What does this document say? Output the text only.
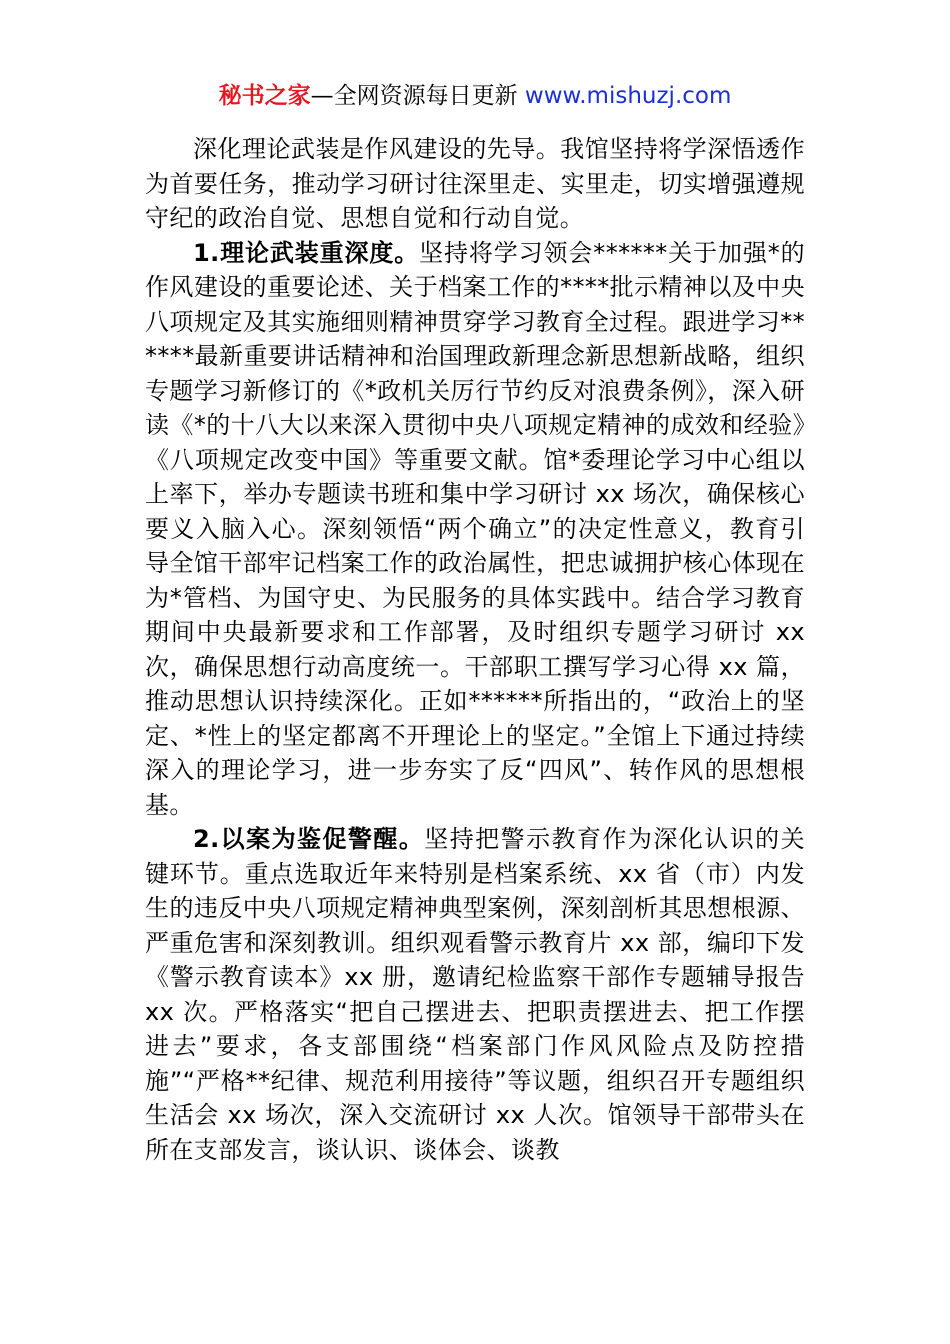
秘书之家—全网资源每日更新 www.mishuzj.com

深化理论武装是作风建设的先导。我馆坚持将学深悟透作为首要任务，推动学习研讨往深里走、实里走，切实增强遵规守纪的政治自觉、思想自觉和行动自觉。

1.理论武装重深度。坚持将学习领会******关于加强*的作风建设的重要论述、关于档案工作的****批示精神以及中央八项规定及其实施细则精神贯穿学习教育全过程。跟进学习******最新重要讲话精神和治国理政新理念新思想新战略，组织专题学习新修订的《*政机关厉行节约反对浪费条例》，深入研读《*的十八大以来深入贯彻中央八项规定精神的成效和经验》《八项规定改变中国》等重要文献。馆*委理论学习中心组以上率下，举办专题读书班和集中学习研讨 xx 场次，确保核心要义入脑入心。深刻领悟“两个确立”的决定性意义，教育引导全馆干部牢记档案工作的政治属性，把忠诚拥护核心体现在为*管档、为国守史、为民服务的具体实践中。结合学习教育期间中央最新要求和工作部署，及时组织专题学习研讨 xx 次，确保思想行动高度统一。干部职工撰写学习心得 xx 篇，推动思想认识持续深化。正如******所指出的，“政治上的坚定、*性上的坚定都离不开理论上的坚定。”全馆上下通过持续深入的理论学习，进一步夯实了反“四风”、转作风的思想根基。

2.以案为鉴促警醒。坚持把警示教育作为深化认识的关键环节。重点选取近年来特别是档案系统、xx 省（市）内发生的违反中央八项规定精神典型案例，深刻剖析其思想根源、严重危害和深刻教训。组织观看警示教育片 xx 部，编印下发《警示教育读本》xx 册，邀请纪检监察干部作专题辅导报告 xx 次。严格落实“把自己摆进去、把职责摆进去、把工作摆进去”要求，各支部围绕“档案部门作风风险点及防控措施”“严格**纪律、规范利用接待”等议题，组织召开专题组织生活会 xx 场次，深入交流研讨 xx 人次。馆领导干部带头在所在支部发言，谈认识、谈体会、谈教
